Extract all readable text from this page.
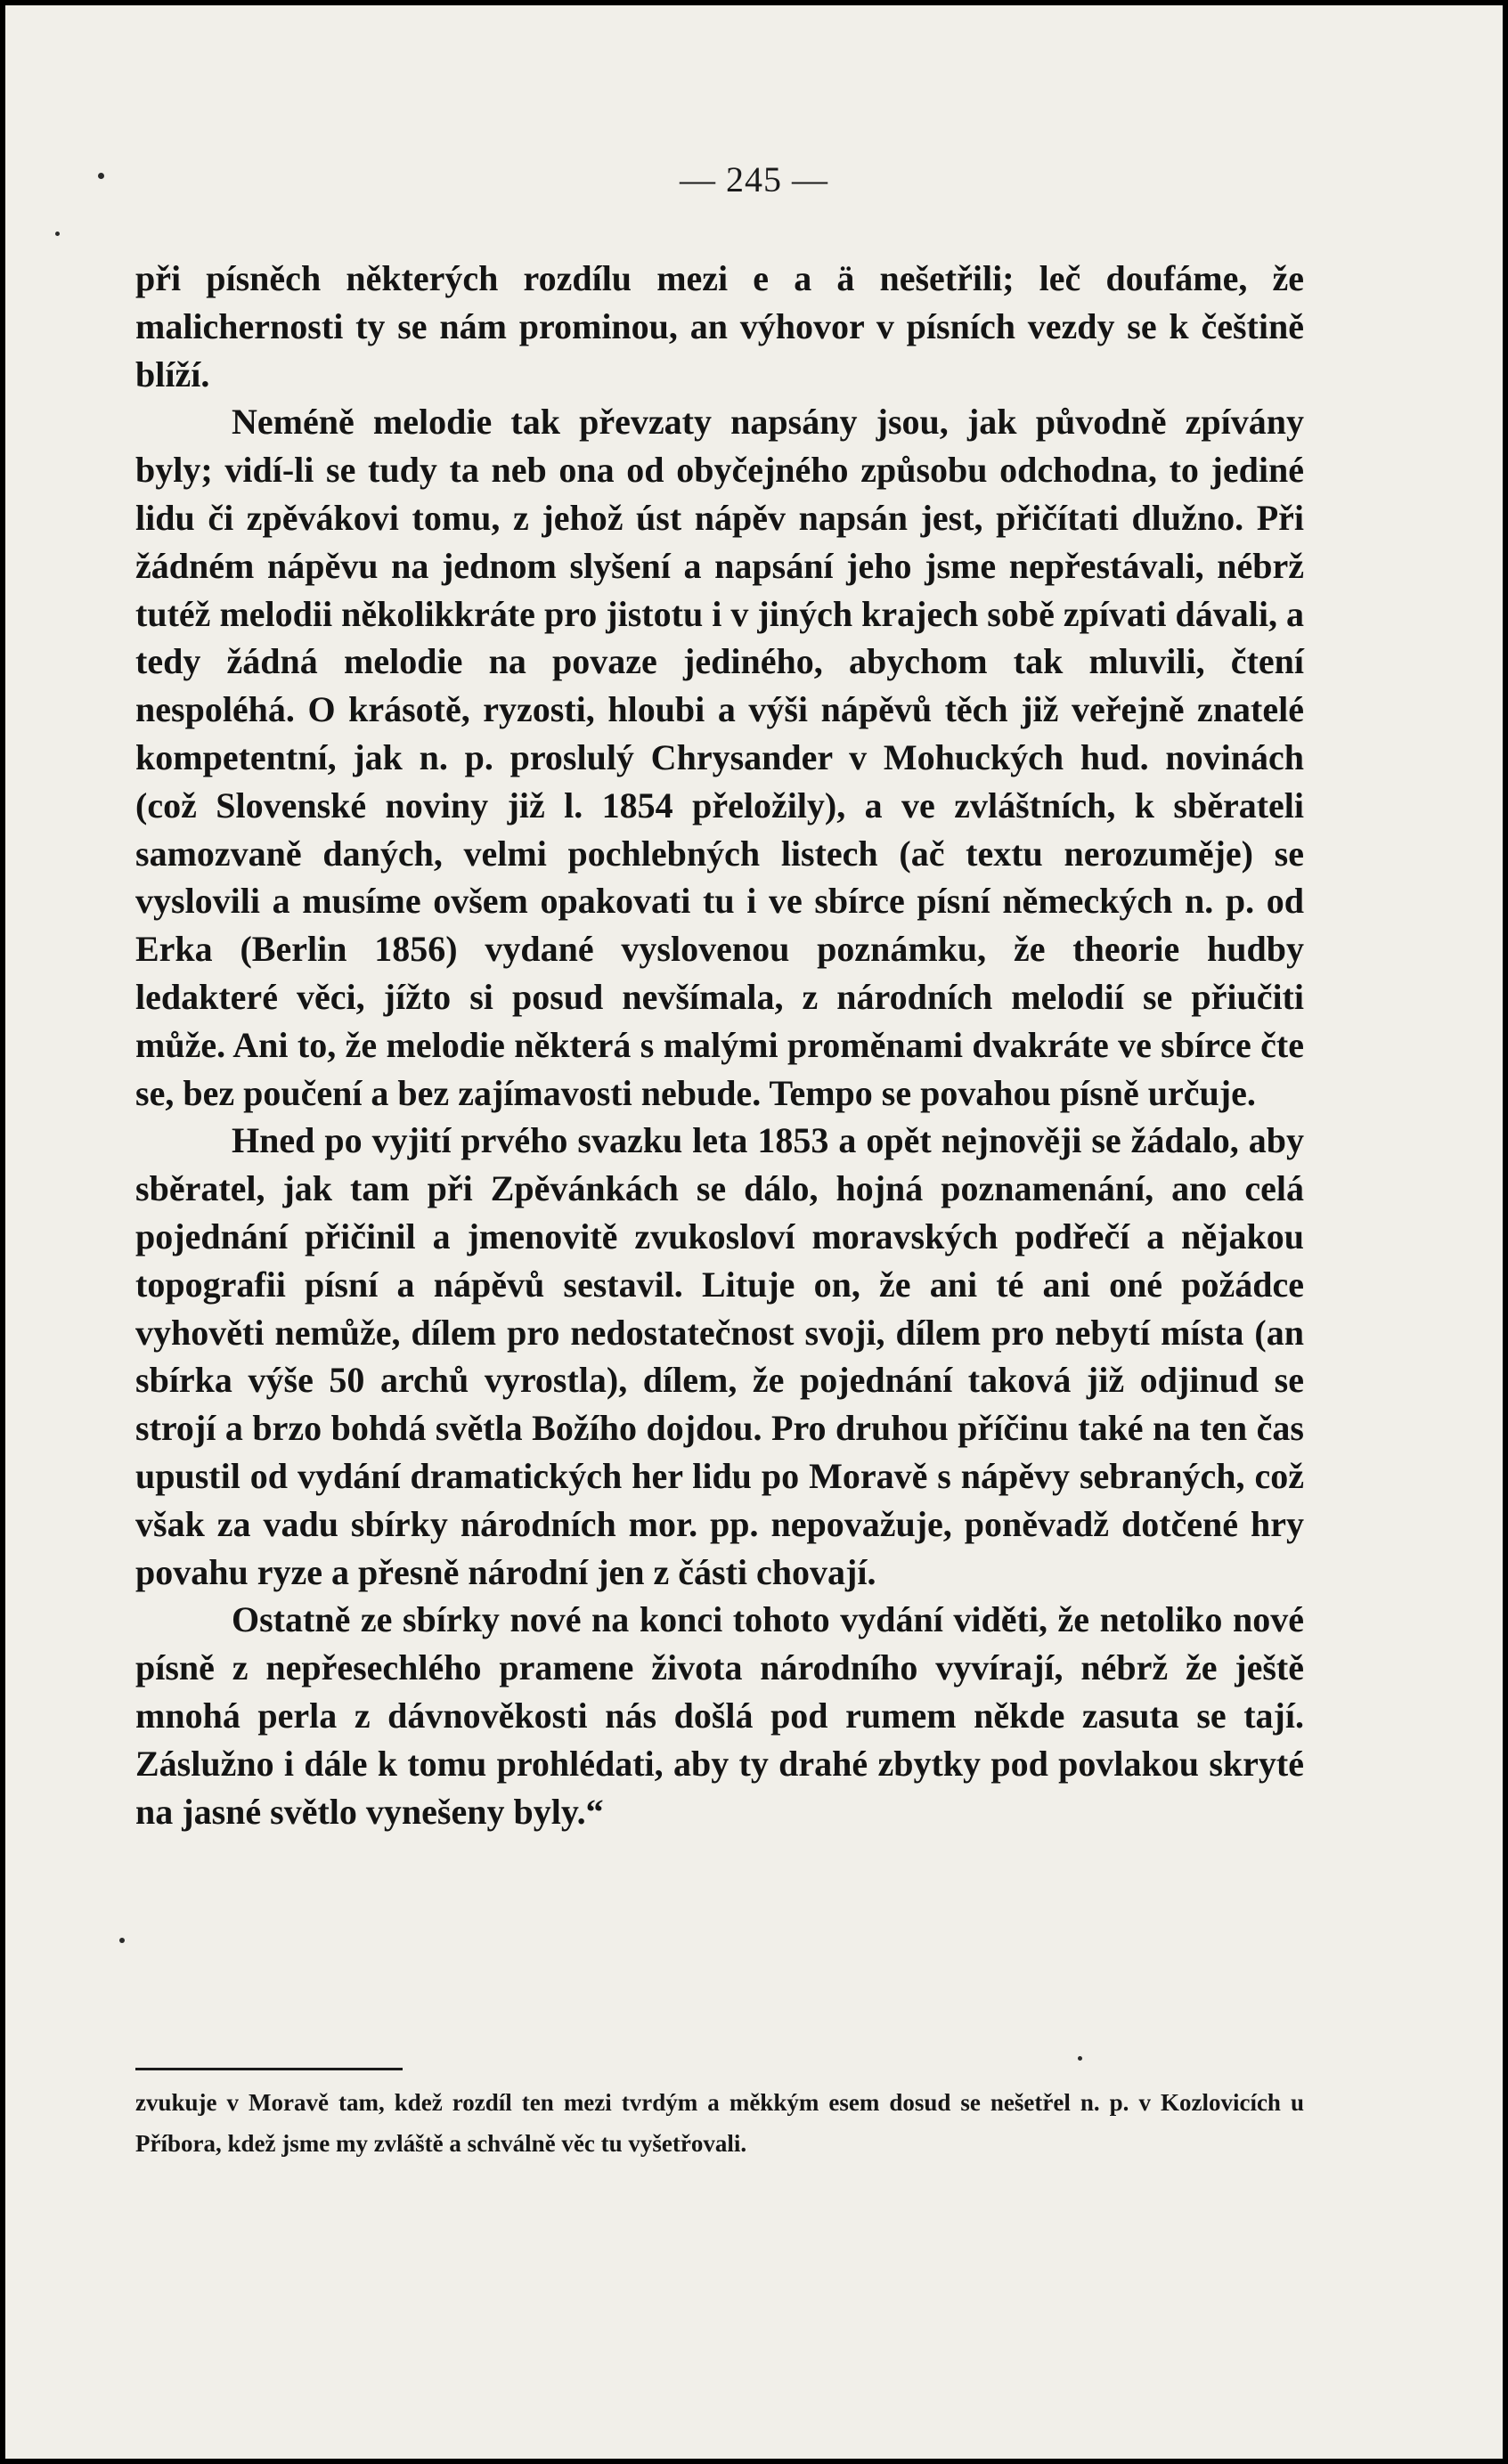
— 245 —

při písněch některých rozdílu mezi e a ä nešetřili; leč doufáme, že malichernosti ty se nám prominou, an výhovor v písních vezdy se k češtině blíží.

Neméně melodie tak převzaty napsány jsou, jak původně zpívány byly; vidí-li se tudy ta neb ona od obyčejného způsobu odchodna, to jediné lidu či zpěvákovi tomu, z jehož úst nápěv napsán jest, přičítati dlužno. Při žádném nápěvu na jednom slyšení a napsání jeho jsme nepřestávali, nébrž tutéž melodii několikkráte pro jistotu i v jiných krajech sobě zpívati dávali, a tedy žádná melodie na povaze jediného, abychom tak mluvili, čtení nespoléhá. O krásotě, ryzosti, hloubi a výši nápěvů těch již veřejně znatelé kompetentní, jak n. p. proslulý Chrysander v Mohuckých hud. novinách (což Slovenské noviny již l. 1854 přeložily), a ve zvláštních, k sběrateli samozvaně daných, velmi pochlebných listech (ač textu nerozuměje) se vyslovili a musíme ovšem opakovati tu i ve sbírce písní německých n. p. od Erka (Berlin 1856) vydané vyslovenou poznámku, že theorie hudby ledakteré věci, jížto si posud nevšímala, z národních melodií se přiučiti může. Ani to, že melodie některá s malými proměnami dvakráte ve sbírce čte se, bez poučení a bez zajímavosti nebude. Tempo se povahou písně určuje.

Hned po vyjití prvého svazku leta 1853 a opět nejnověji se žádalo, aby sběratel, jak tam při Zpěvánkách se dálo, hojná poznamenání, ano celá pojednání přičinil a jmenovitě zvukosloví moravských podřečí a nějakou topografii písní a nápěvů sestavil. Lituje on, že ani té ani oné požádce vyhověti nemůže, dílem pro nedostatečnost svoji, dílem pro nebytí místa (an sbírka výše 50 archů vyrostla), dílem, že pojednání taková již odjinud se strojí a brzo bohdá světla Božího dojdou. Pro druhou příčinu také na ten čas upustil od vydání dramatických her lidu po Moravě s nápěvy sebraných, což však za vadu sbírky národních mor. pp. nepovažuje, poněvadž dotčené hry povahu ryze a přesně národní jen z části chovají.

Ostatně ze sbírky nové na konci tohoto vydání viděti, že netoliko nové písně z nepřesechlého pramene života národního vyvírají, nébrž že ještě mnohá perla z dávnověkosti nás došlá pod rumem někde zasuta se tají. Záslužno i dále k tomu prohlédati, aby ty drahé zbytky pod povlakou skryté na jasné světlo vynešeny byly.“

zvukuje v Moravě tam, kdež rozdíl ten mezi tvrdým a měkkým esem dosud se nešetřel n. p. v Kozlovicích u Příbora, kdež jsme my zvláště a schválně věc tu vyšetřovali.
